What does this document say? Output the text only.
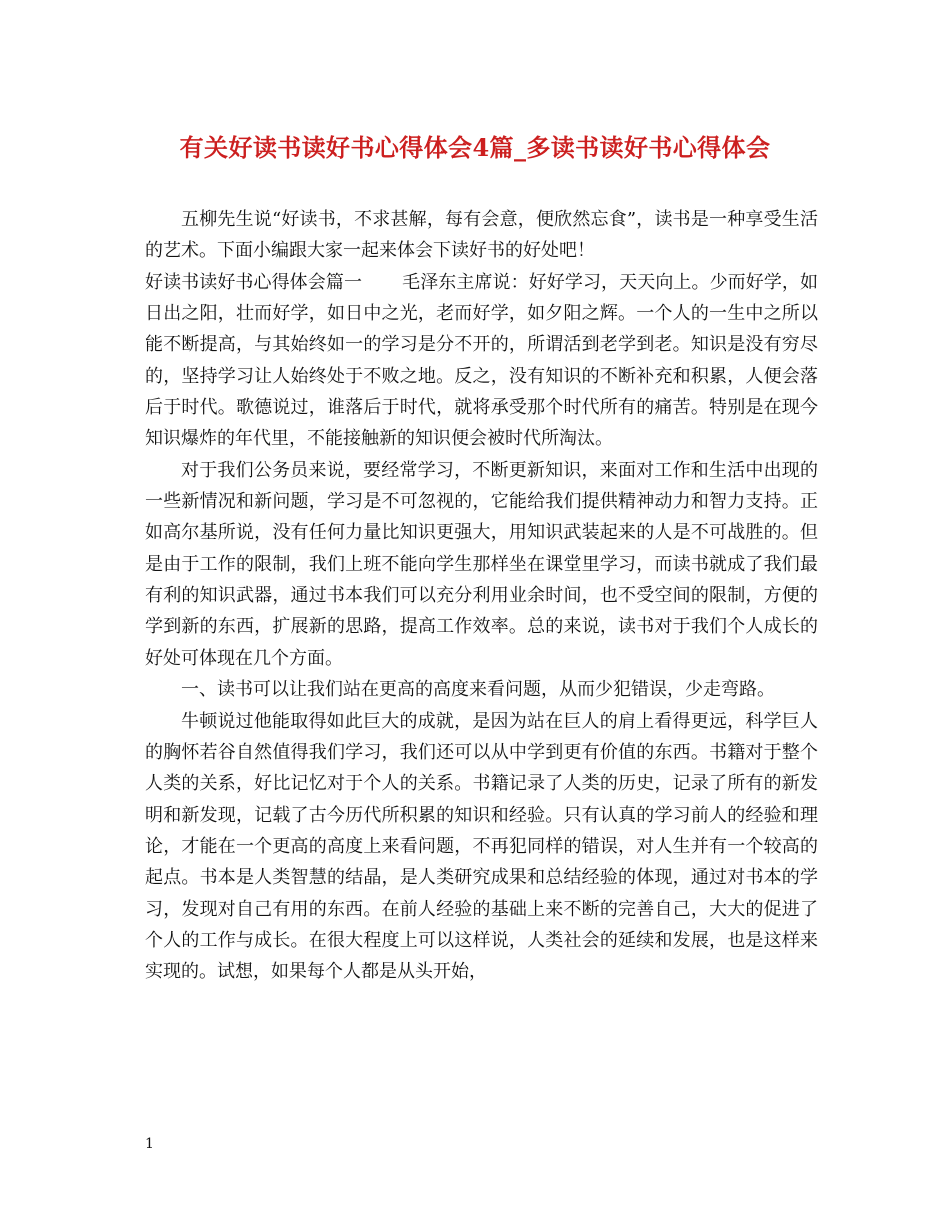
有关好读书读好书心得体会4篇_多读书读好书心得体会

五柳先生说“好读书，不求甚解，每有会意，便欣然忘食”，读书是一种享受生活的艺术。下面小编跟大家一起来体会下读好书的好处吧！

好读书读好书心得体会篇一 毛泽东主席说：好好学习，天天向上。少而好学，如日出之阳，壮而好学，如日中之光，老而好学，如夕阳之辉。一个人的一生中之所以能不断提高，与其始终如一的学习是分不开的，所谓活到老学到老。知识是没有穷尽的，坚持学习让人始终处于不败之地。反之，没有知识的不断补充和积累，人便会落后于时代。歌德说过，谁落后于时代，就将承受那个时代所有的痛苦。特别是在现今知识爆炸的年代里，不能接触新的知识便会被时代所淘汰。

对于我们公务员来说，要经常学习，不断更新知识，来面对工作和生活中出现的一些新情况和新问题，学习是不可忽视的，它能给我们提供精神动力和智力支持。正如高尔基所说，没有任何力量比知识更强大，用知识武装起来的人是不可战胜的。但是由于工作的限制，我们上班不能向学生那样坐在课堂里学习，而读书就成了我们最有利的知识武器，通过书本我们可以充分利用业余时间，也不受空间的限制，方便的学到新的东西，扩展新的思路，提高工作效率。总的来说，读书对于我们个人成长的好处可体现在几个方面。

一、读书可以让我们站在更高的高度来看问题，从而少犯错误，少走弯路。

牛顿说过他能取得如此巨大的成就，是因为站在巨人的肩上看得更远，科学巨人的胸怀若谷自然值得我们学习，我们还可以从中学到更有价值的东西。书籍对于整个人类的关系，好比记忆对于个人的关系。书籍记录了人类的历史，记录了所有的新发明和新发现，记载了古今历代所积累的知识和经验。只有认真的学习前人的经验和理论，才能在一个更高的高度上来看问题，不再犯同样的错误，对人生并有一个较高的起点。书本是人类智慧的结晶，是人类研究成果和总结经验的体现，通过对书本的学习，发现对自己有用的东西。在前人经验的基础上来不断的完善自己，大大的促进了个人的工作与成长。在很大程度上可以这样说，人类社会的延续和发展，也是这样来实现的。试想，如果每个人都是从头开始，

1
